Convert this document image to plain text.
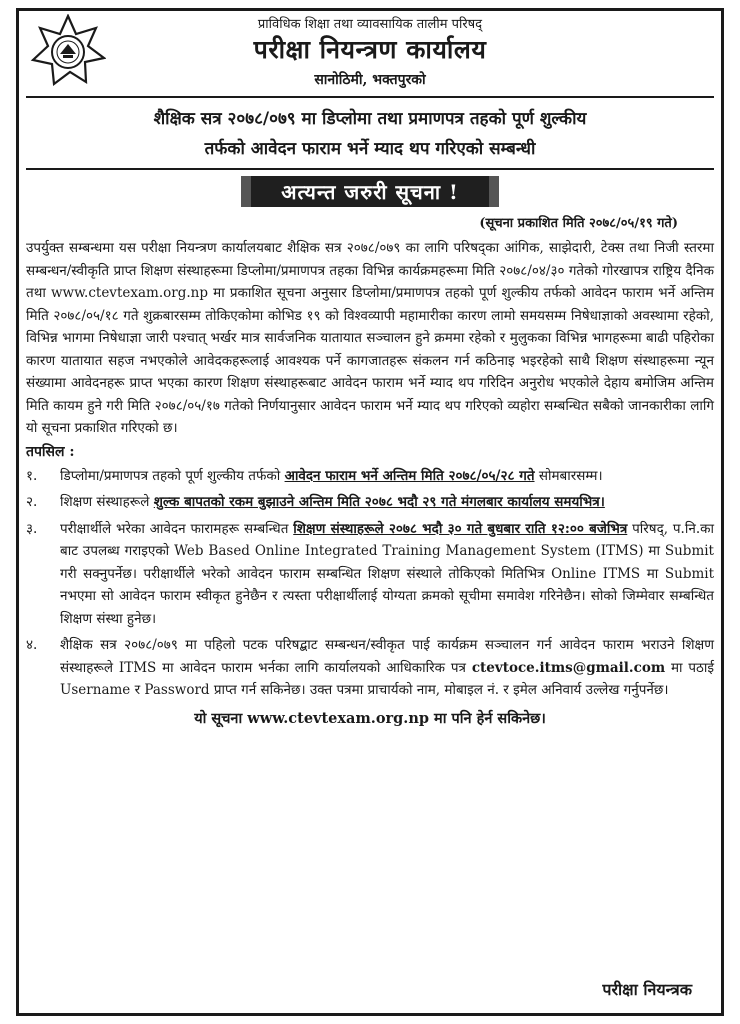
प्राविधिक शिक्षा तथा व्यावसायिक तालीम परिषद्
परीक्षा नियन्त्रण कार्यालय
सानोठिमी, भक्तपुरको
शैक्षिक सत्र २०७८/०७९ मा डिप्लोमा तथा प्रमाणपत्र तहको पूर्ण शुल्कीय
तर्फको आवेदन फाराम भर्ने म्याद थप गरिएको सम्बन्धी
अत्यन्त जरुरी सूचना !
(सूचना प्रकाशित मिति २०७८/०५/१९ गते)
उपर्युक्त सम्बन्धमा यस परीक्षा नियन्त्रण कार्यालयबाट शैक्षिक सत्र २०७८/०७९ का लागि परिषद्का आंगिक, साझेदारी, टेक्स तथा निजी स्तरमा सम्बन्धन/स्वीकृति प्राप्त शिक्षण संस्थाहरूमा डिप्लोमा/प्रमाणपत्र तहका विभिन्न कार्यक्रमहरूमा मिति २०७८/०४/३० गतेको गोरखापत्र राष्ट्रिय दैनिक तथा www.ctevtexam.org.np मा प्रकाशित सूचना अनुसार डिप्लोमा/प्रमाणपत्र तहको पूर्ण शुल्कीय तर्फको आवेदन फाराम भर्ने अन्तिम मिति २०७८/०५/१८ गते शुक्रबारसम्म तोकिएकोमा कोभिड १९ को विश्वव्यापी महामारीका कारण लामो समयसम्म निषेधाज्ञाको अवस्थामा रहेको, विभिन्न भागमा निषेधाज्ञा जारी पश्चात् भर्खर मात्र सार्वजनिक यातायात सञ्चालन हुने क्रममा रहेको र मुलुकका विभिन्न भागहरूमा बाढी पहिरोका कारण यातायात सहज नभएकोले आवेदकहरूलाई आवश्यक पर्ने कागजातहरू संकलन गर्न कठिनाइ भइरहेको साथै शिक्षण संस्थाहरूमा न्यून संख्यामा आवेदनहरू प्राप्त भएका कारण शिक्षण संस्थाहरूबाट आवेदन फाराम भर्ने म्याद थप गरिदिन अनुरोध भएकोले देहाय बमोजिम अन्तिम मिति कायम हुने गरी मिति २०७८/०५/१७ गतेको निर्णयानुसार आवेदन फाराम भर्ने म्याद थप गरिएको व्यहोरा सम्बन्धित सबैको जानकारीका लागि यो सूचना प्रकाशित गरिएको छ।
तपसिल :
१.	डिप्लोमा/प्रमाणपत्र तहको पूर्ण शुल्कीय तर्फको आवेदन फाराम भर्ने अन्तिम मिति २०७८/०५/२८ गते सोमबारसम्म।
२.	शिक्षण संस्थाहरूले शुल्क बापतको रकम बुझाउने अन्तिम मिति २०७८ भदौ २९ गते मंगलबार कार्यालय समयभित्र।
३.	परीक्षार्थीले भरेका आवेदन फारामहरू सम्बन्धित शिक्षण संस्थाहरूले २०७८ भदौ ३० गते बुधबार राति १२:०० बजेभित्र परिषद्, प.नि.का बाट उपलब्ध गराइएको Web Based Online Integrated Training Management System (ITMS) मा Submit गरी सक्नुपर्नेछ। परीक्षार्थीले भरेको आवेदन फाराम सम्बन्धित शिक्षण संस्थाले तोकिएको मितिभित्र Online ITMS मा Submit नभएमा सो आवेदन फाराम स्वीकृत हुनेछैन र त्यस्ता परीक्षार्थीलाई योग्यता क्रमको सूचीमा समावेश गरिनेछैन। सोको जिम्मेवार सम्बन्धित शिक्षण संस्था हुनेछ।
४.	शैक्षिक सत्र २०७८/०७९ मा पहिलो पटक परिषद्बाट सम्बन्धन/स्वीकृत पाई कार्यक्रम सञ्चालन गर्न आवेदन फाराम भराउने शिक्षण संस्थाहरूले ITMS मा आवेदन फाराम भर्नका लागि कार्यालयको आधिकारिक पत्र ctevtoce.itms@gmail.com मा पठाई Username र Password प्राप्त गर्न सकिनेछ। उक्त पत्रमा प्राचार्यको नाम, मोबाइल नं. र इमेल अनिवार्य उल्लेख गर्नुपर्नेछ।
यो सूचना www.ctevtexam.org.np मा पनि हेर्न सकिनेछ।
परीक्षा नियन्त्रक
